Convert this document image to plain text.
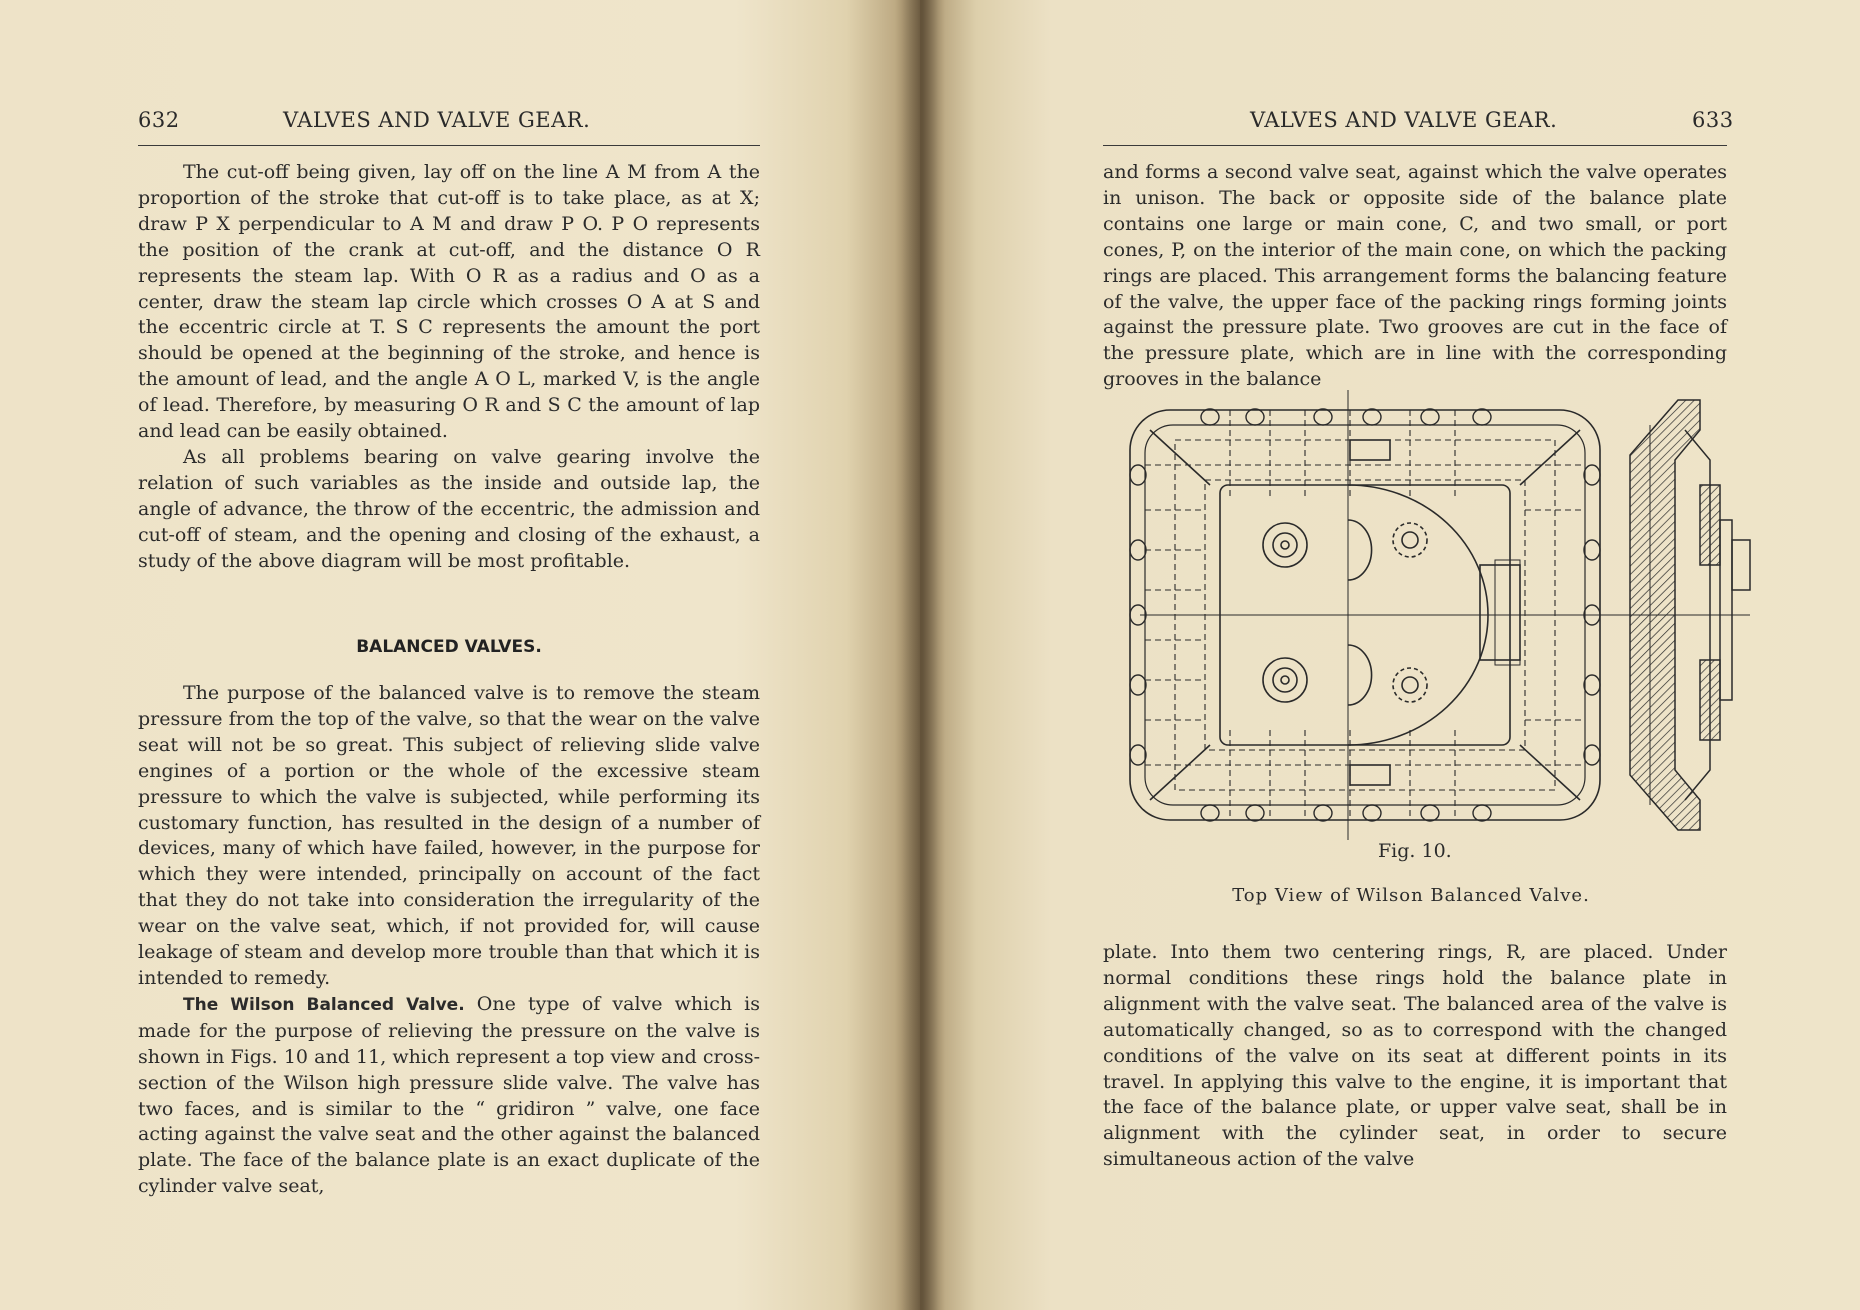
632	VALVES AND VALVE GEAR.

The cut-off being given, lay off on the line A M from A the proportion of the stroke that cut-off is to take place, as at X; draw P X perpendicular to A M and draw P O. P O represents the position of the crank at cut-off, and the distance O R represents the steam lap. With O R as a radius and O as a center, draw the steam lap circle which crosses O A at S and the eccentric circle at T. S C represents the amount the port should be opened at the beginning of the stroke, and hence is the amount of lead, and the angle A O L, marked V, is the angle of lead. Therefore, by measuring O R and S C the amount of lap and lead can be easily obtained.

As all problems bearing on valve gearing involve the relation of such variables as the inside and outside lap, the angle of advance, the throw of the eccentric, the admission and cut-off of steam, and the opening and closing of the exhaust, a study of the above diagram will be most profitable.

BALANCED VALVES.

The purpose of the balanced valve is to remove the steam pressure from the top of the valve, so that the wear on the valve seat will not be so great. This subject of relieving slide valve engines of a portion or the whole of the excessive steam pressure to which the valve is subjected, while performing its customary function, has resulted in the design of a number of devices, many of which have failed, however, in the purpose for which they were intended, principally on account of the fact that they do not take into consideration the irregularity of the wear on the valve seat, which, if not provided for, will cause leakage of steam and develop more trouble than that which it is intended to remedy.

The Wilson Balanced Valve. One type of valve which is made for the purpose of relieving the pressure on the valve is shown in Figs. 10 and 11, which represent a top view and cross-section of the Wilson high pressure slide valve. The valve has two faces, and is similar to the “ gridiron ” valve, one face acting against the valve seat and the other against the balanced plate. The face of the balance plate is an exact duplicate of the cylinder valve seat,

VALVES AND VALVE GEAR.	633

and forms a second valve seat, against which the valve operates in unison. The back or opposite side of the balance plate contains one large or main cone, C, and two small, or port cones, P, on the interior of the main cone, on which the packing rings are placed. This arrangement forms the balancing feature of the valve, the upper face of the packing rings forming joints against the pressure plate. Two grooves are cut in the face of the pressure plate, which are in line with the corresponding grooves in the balance

Fig. 10.
Top View of Wilson Balanced Valve.

plate. Into them two centering rings, R, are placed. Under normal conditions these rings hold the balance plate in alignment with the valve seat. The balanced area of the valve is automatically changed, so as to correspond with the changed conditions of the valve on its seat at different points in its travel. In applying this valve to the engine, it is important that the face of the balance plate, or upper valve seat, shall be in alignment with the cylinder seat, in order to secure simultaneous action of the valve
